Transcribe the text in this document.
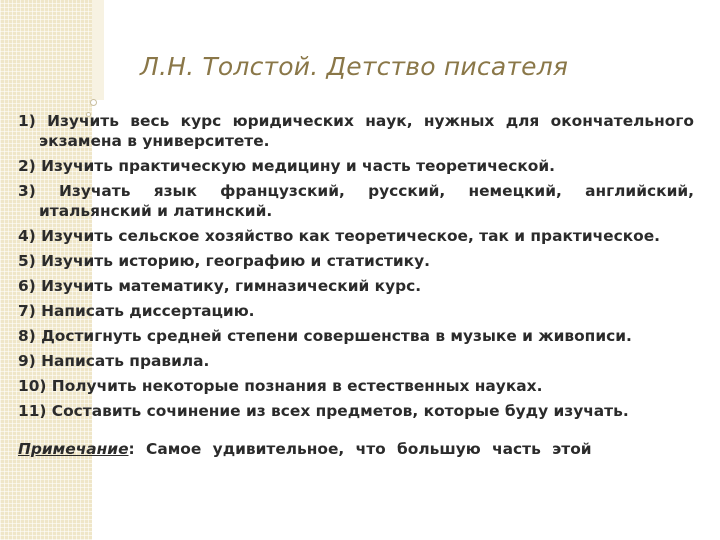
Л.Н. Толстой. Детство писателя

1) Изучить весь курс юридических наук, нужных для окончательного экзамена в университете.

2) Изучить практическую медицину и часть теоретической.

3) Изучать язык французский, русский, немецкий, английский, итальянский и латинский.

4) Изучить сельское хозяйство как теоретическое, так и практическое.

5) Изучить историю, географию и статистику.

6) Изучить математику, гимназический курс.

7) Написать диссертацию.

8) Достигнуть средней степени совершенства в музыке и живописи.

9) Написать правила.

10) Получить некоторые познания в естественных науках.

11) Составить сочинение из всех предметов, которые буду изучать.

Примечание: Самое удивительное, что большую часть этой
